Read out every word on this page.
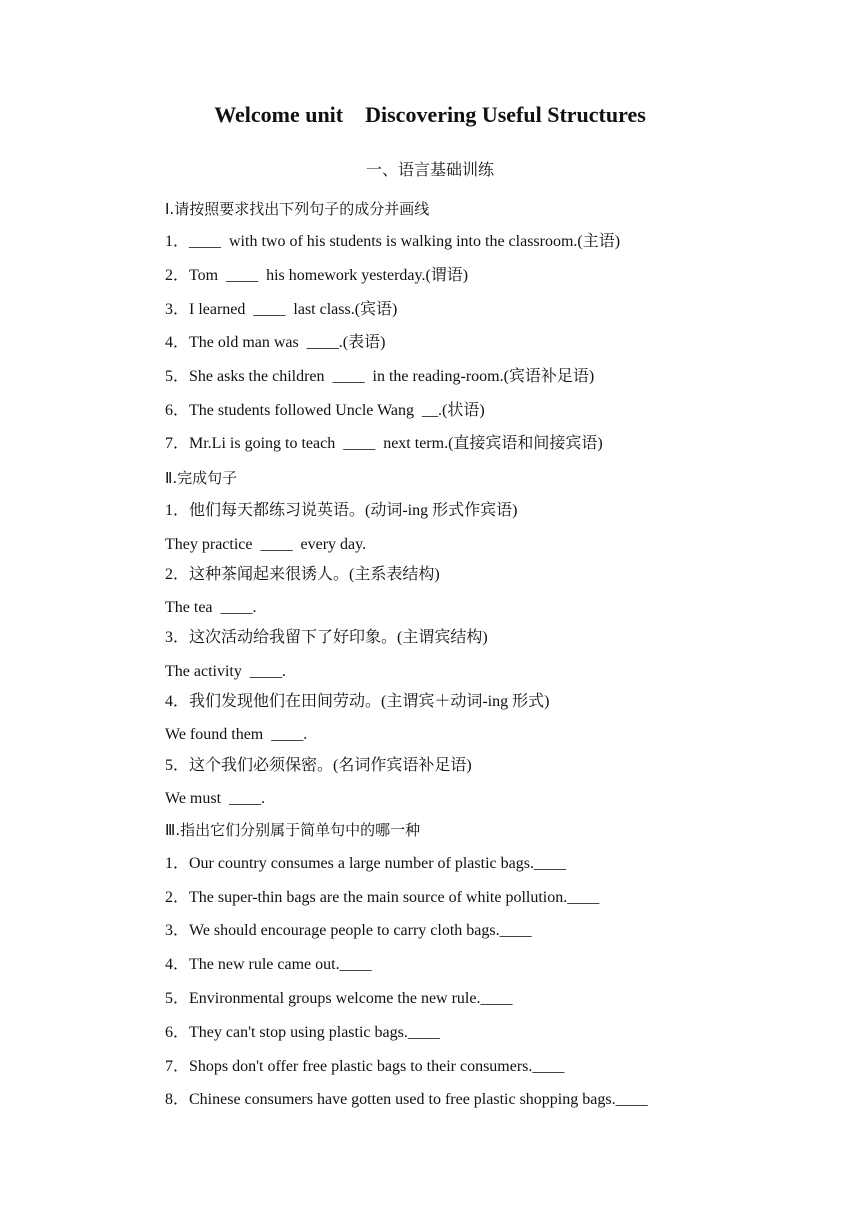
Welcome unit    Discovering Useful Structures
一、语言基础训练
Ⅰ.请按照要求找出下列句子的成分并画线
1．____  with two of his students is walking into the classroom.(主语)
2．Tom  ____  his homework yesterday.(谓语)
3．I learned  ____  last class.(宾语)
4．The old man was  ____.(表语)
5．She asks the children  ____  in the reading-room.(宾语补足语)
6．The students followed Uncle Wang  __.(状语)
7．Mr.Li is going to teach  ____  next term.(直接宾语和间接宾语)
Ⅱ.完成句子
1．他们每天都练习说英语。(动词-ing 形式作宾语)
They practice  ____  every day.
2．这种茶闻起来很诱人。(主系表结构)
The tea  ____.
3．这次活动给我留下了好印象。(主谓宾结构)
The activity  ____.
4．我们发现他们在田间劳动。(主谓宾＋动词-ing 形式)
We found them  ____.
5．这个我们必须保密。(名词作宾语补足语)
We must  ____.
Ⅲ.指出它们分别属于简单句中的哪一种
1．Our country consumes a large number of plastic bags.____
2．The super-thin bags are the main source of white pollution.____
3．We should encourage people to carry cloth bags.____
4．The new rule came out.____
5．Environmental groups welcome the new rule.____
6．They can't stop using plastic bags.____
7．Shops don't offer free plastic bags to their consumers.____
8．Chinese consumers have gotten used to free plastic shopping bags.____
